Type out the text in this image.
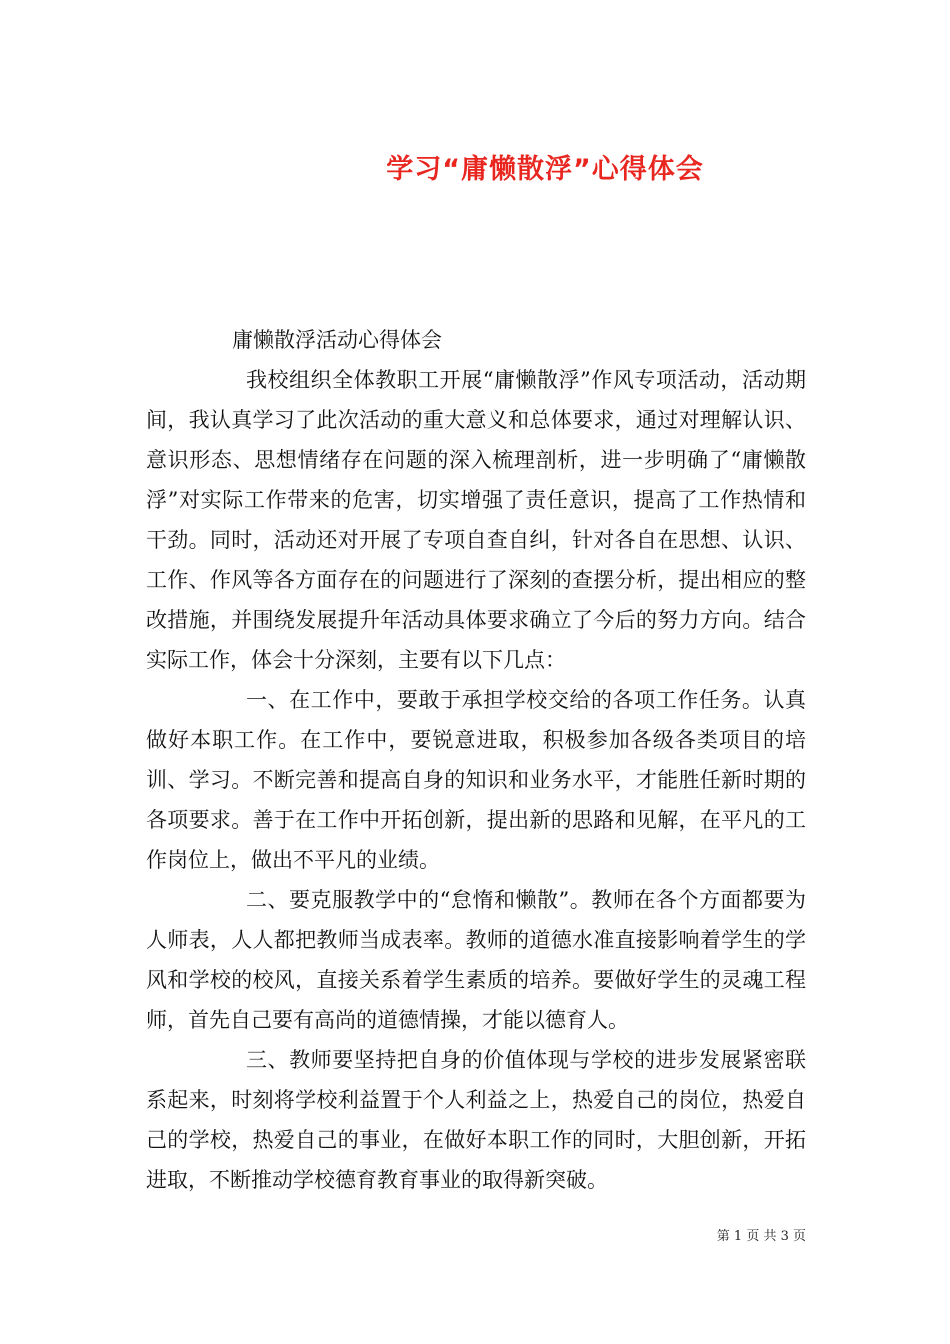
学习“庸懒散浮”心得体会

庸懒散浮活动心得体会

我校组织全体教职工开展“庸懒散浮”作风专项活动，活动期间，我认真学习了此次活动的重大意义和总体要求，通过对理解认识、意识形态、思想情绪存在问题的深入梳理剖析，进一步明确了“庸懒散浮”对实际工作带来的危害，切实增强了责任意识，提高了工作热情和干劲。同时，活动还对开展了专项自查自纠，针对各自在思想、认识、工作、作风等各方面存在的问题进行了深刻的查摆分析，提出相应的整改措施，并围绕发展提升年活动具体要求确立了今后的努力方向。结合实际工作，体会十分深刻，主要有以下几点：

一、在工作中，要敢于承担学校交给的各项工作任务。认真做好本职工作。在工作中，要锐意进取，积极参加各级各类项目的培训、学习。不断完善和提高自身的知识和业务水平，才能胜任新时期的各项要求。善于在工作中开拓创新，提出新的思路和见解，在平凡的工作岗位上，做出不平凡的业绩。

二、要克服教学中的“怠惰和懒散”。教师在各个方面都要为人师表，人人都把教师当成表率。教师的道德水准直接影响着学生的学风和学校的校风，直接关系着学生素质的培养。要做好学生的灵魂工程师，首先自己要有高尚的道德情操，才能以德育人。

三、教师要坚持把自身的价值体现与学校的进步发展紧密联系起来，时刻将学校利益置于个人利益之上，热爱自己的岗位，热爱自己的学校，热爱自己的事业，在做好本职工作的同时，大胆创新，开拓进取，不断推动学校德育教育事业的取得新突破。

第 1 页 共 3 页
